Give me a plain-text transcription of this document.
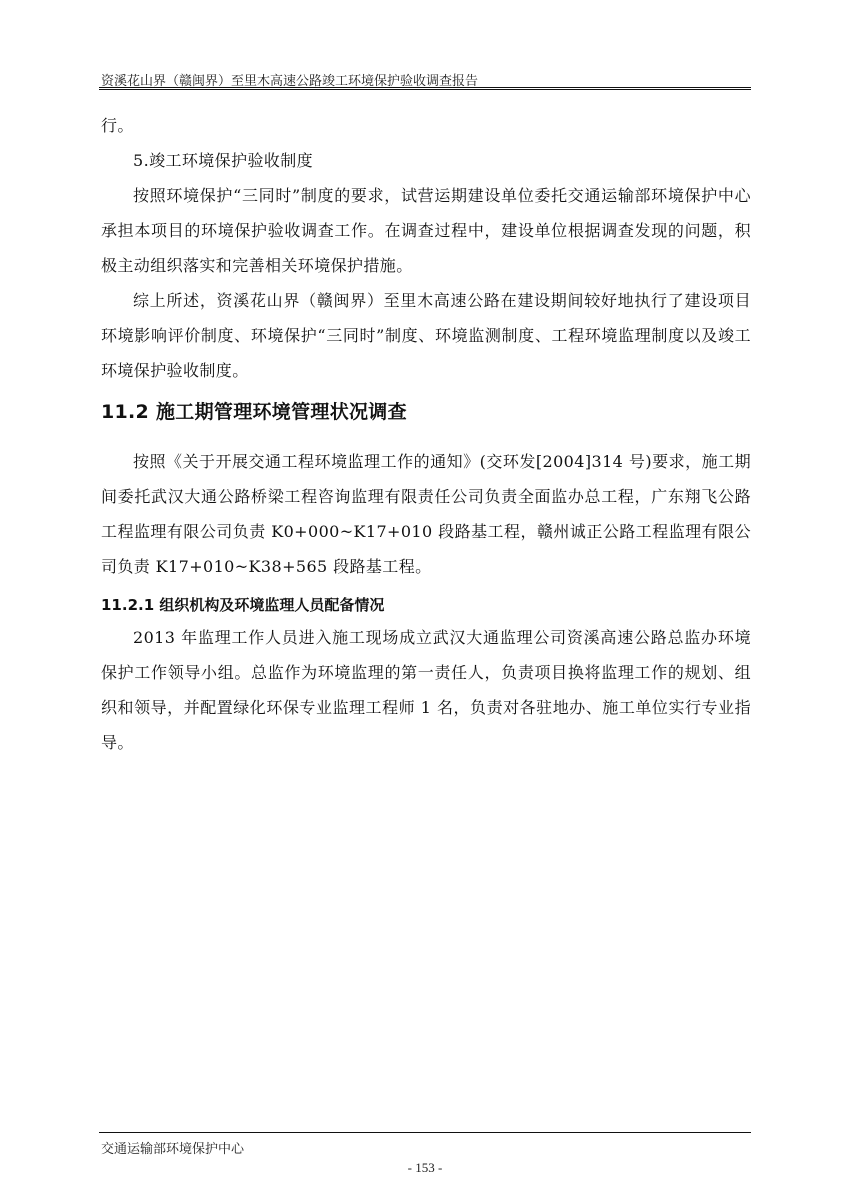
资溪花山界（赣闽界）至里木高速公路竣工环境保护验收调查报告

行。

5.竣工环境保护验收制度

按照环境保护“三同时”制度的要求，试营运期建设单位委托交通运输部环境保护中心承担本项目的环境保护验收调查工作。在调查过程中，建设单位根据调查发现的问题，积极主动组织落实和完善相关环境保护措施。

综上所述，资溪花山界（赣闽界）至里木高速公路在建设期间较好地执行了建设项目环境影响评价制度、环境保护“三同时”制度、环境监测制度、工程环境监理制度以及竣工环境保护验收制度。

11.2 施工期管理环境管理状况调查

按照《关于开展交通工程环境监理工作的通知》(交环发[2004]314 号)要求，施工期间委托武汉大通公路桥梁工程咨询监理有限责任公司负责全面监办总工程，广东翔飞公路工程监理有限公司负责 K0+000~K17+010 段路基工程，赣州诚正公路工程监理有限公司负责 K17+010~K38+565 段路基工程。

11.2.1 组织机构及环境监理人员配备情况

2013 年监理工作人员进入施工现场成立武汉大通监理公司资溪高速公路总监办环境保护工作领导小组。总监作为环境监理的第一责任人，负责项目换将监理工作的规划、组织和领导，并配置绿化环保专业监理工程师 1 名，负责对各驻地办、施工单位实行专业指导。

交通运输部环境保护中心
- 153 -
